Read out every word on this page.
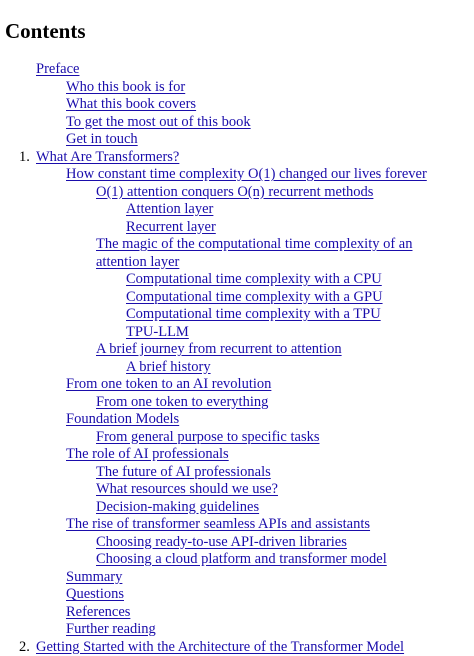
Contents
Preface
Who this book is for
What this book covers
To get the most out of this book
Get in touch
1. What Are Transformers?
How constant time complexity O(1) changed our lives forever
O(1) attention conquers O(n) recurrent methods
Attention layer
Recurrent layer
The magic of the computational time complexity of an
attention layer
Computational time complexity with a CPU
Computational time complexity with a GPU
Computational time complexity with a TPU
TPU-LLM
A brief journey from recurrent to attention
A brief history
From one token to an AI revolution
From one token to everything
Foundation Models
From general purpose to specific tasks
The role of AI professionals
The future of AI professionals
What resources should we use?
Decision-making guidelines
The rise of transformer seamless APIs and assistants
Choosing ready-to-use API-driven libraries
Choosing a cloud platform and transformer model
Summary
Questions
References
Further reading
2. Getting Started with the Architecture of the Transformer Model
